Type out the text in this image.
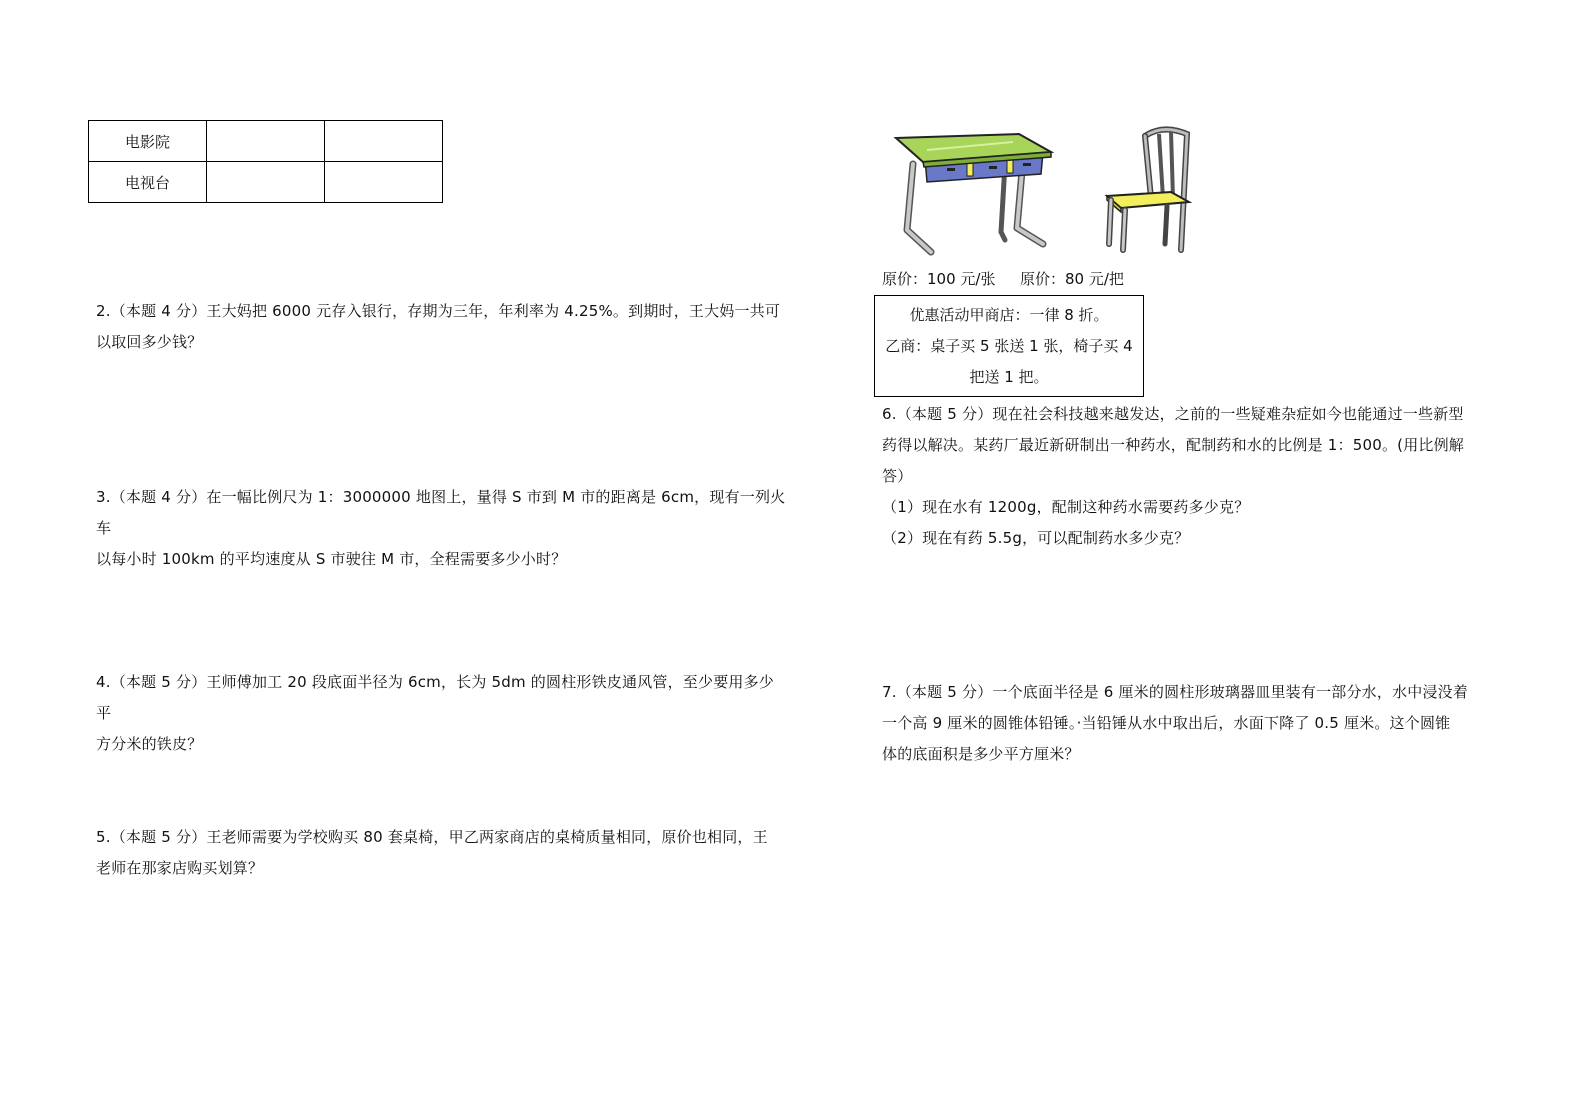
电影院		
电视台		

2.（本题 4 分）王大妈把 6000 元存入银行，存期为三年，年利率为 4.25%。到期时，王大妈一共可

以取回多少钱？

3.（本题 4 分）在一幅比例尺为 1：3000000 地图上，量得 S 市到 M 市的距离是 6cm，现有一列火车

以每小时 100km 的平均速度从 S 市驶往 M 市，全程需要多少小时？

4.（本题 5 分）王师傅加工 20 段底面半径为 6cm，长为 5dm 的圆柱形铁皮通风管，至少要用多少平

方分米的铁皮？

5.（本题 5 分）王老师需要为学校购买 80 套桌椅，甲乙两家商店的桌椅质量相同，原价也相同，王

老师在那家店购买划算？

原价：100 元/张 原价：80 元/把

优惠活动甲商店：一律 8 折。

乙商：桌子买 5 张送 1 张，椅子买 4

把送 1 把。

6.（本题 5 分）现在社会科技越来越发达，之前的一些疑难杂症如今也能通过一些新型

药得以解决。某药厂最近新研制出一种药水，配制药和水的比例是 1：500。(用比例解

答）

（1）现在水有 1200g，配制这种药水需要药多少克？

（2）现在有药 5.5g，可以配制药水多少克？

7.（本题 5 分）一个底面半径是 6 厘米的圆柱形玻璃器皿里装有一部分水，水中浸没着

一个高 9 厘米的圆锥体铅锤。·当铅锤从水中取出后，水面下降了 0.5 厘米。这个圆锥

体的底面积是多少平方厘米？
